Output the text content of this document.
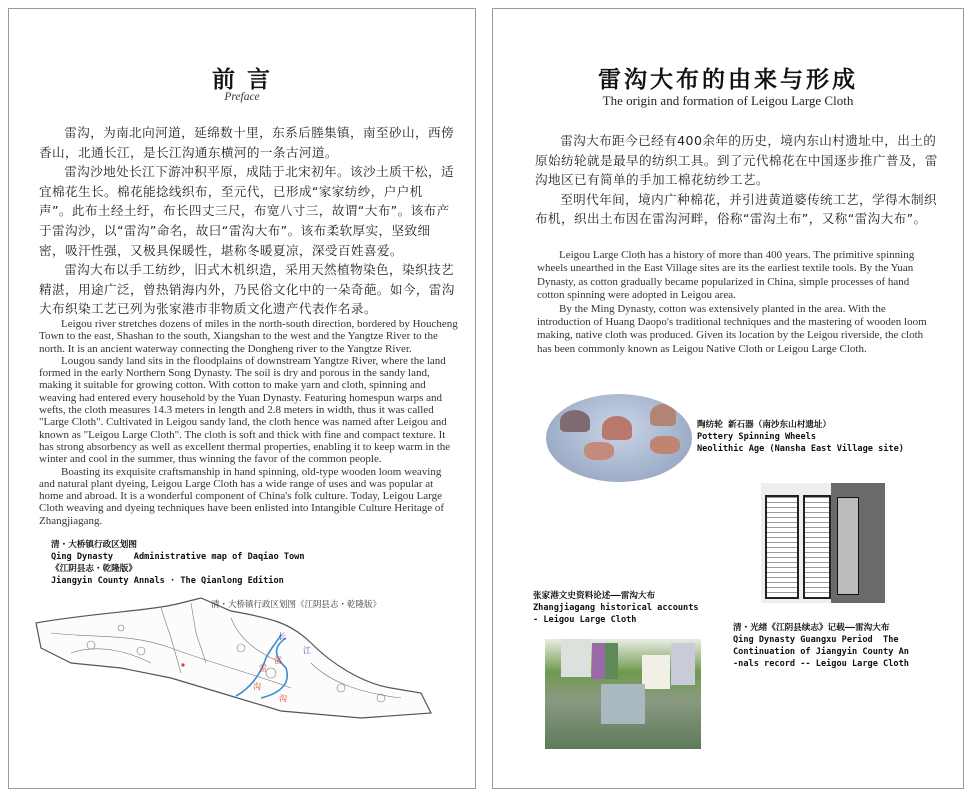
前 言
Preface

雷沟，为南北向河道，延绵数十里，东系后塍集镇，南至砂山，西傍香山，北通长江，是长江沟通东横河的一条古河道。

雷沟沙地处长江下游冲积平原，成陆于北宋初年。该沙土质干松，适宜棉花生长。棉花能捻线织布，至元代，已形成“家家纺纱，户户机声”。此布土经土纡，布长四丈三尺，布宽八寸三，故谓“大布”。该布产于雷沟沙，以“雷沟”命名，故曰“雷沟大布”。该布柔软厚实，坚致细密，吸汗性强，又极具保暖性，堪称冬暖夏凉，深受百姓喜爱。

雷沟大布以手工纺纱，旧式木机织造，采用天然植物染色，染织技艺精湛，用途广泛，曾热销海内外，乃民俗文化中的一朵奇葩。如今，雷沟大布织染工艺已列为张家港市非物质文化遗产代表作名录。

Leigou river stretches dozens of miles in the north-south direction, bordered by Houcheng Town to the east, Shashan to the south, Xiangshan to the west and the Yangtze River to the north. It is an ancient waterway connecting the Dongheng river to the Yangtze River.

Lougou sandy land sits in the floodplains of downstream Yangtze River, where the land formed in the early Northern Song Dynasty. The soil is dry and porous in the sandy land, making it suitable for growing cotton. With cotton to make yarn and cloth, spinning and weaving had entered every household by the Yuan Dynasty. Featuring homespun warps and wefts, the cloth measures 14.3 meters in length and 2.8 meters in width, thus it was called "Large Cloth". Cultivated in Leigou sandy land, the cloth hence was named after Leigou and known as "Leigou Large Cloth". The cloth is soft and thick with fine and compact texture. It has strong absorbency as well as excellent thermal properties, enabling it to keep warm in the winter and cool in the summer, thus winning the favor of the common people.

Boasting its exquisite craftsmanship in hand spinning, old-type wooden loom weaving and natural plant dyeing, Leigou Large Cloth has a wide range of uses and was popular at home and abroad. It is a wonderful component of China's folk culture. Today, Leigou Large Cloth weaving and dyeing techniques have been enlisted into Intangible Culture Heritage of Zhangjiagang.

清・大桥镇行政区划图
Qing Dynasty    Administrative map of Daqiao Town
《江阴县志・乾隆版》
Jiangyin County Annals · The Qianlong Edition
清・大桥镇行政区划图《江阴县志・乾隆版》
长
江
雷
沟
雷
沟
雷沟大布的由来与形成
The origin and formation of Leigou Large Cloth

雷沟大布距今已经有400余年的历史，境内东山村遗址中，出土的原始纺轮就是最早的纺织工具。到了元代棉花在中国逐步推广普及，雷沟地区已有简单的手加工棉花纺纱工艺。

至明代年间，境内广种棉花，并引进黄道婆传统工艺，学得木制织布机，织出土布因在雷沟河畔，俗称“雷沟土布”，又称“雷沟大布”。

Leigou Large Cloth has a history of more than 400 years. The primitive spinning wheels unearthed in the East Village sites are its the earliest textile tools. By the Yuan Dynasty, as cotton gradually became popularized in China, simple processes of hand cotton spinning were adopted in Leigou area.

By the Ming Dynasty, cotton was extensively planted in the area. With the introduction of Huang Daopo's traditional techniques and the mastering of wooden loom making, native cloth was produced. Given its location by the Leigou riverside, the cloth has been commonly known as Leigou Native Cloth or Leigou Large Cloth.

陶纺轮 新石器（南沙东山村遗址）
Pottery Spinning Wheels
Neolithic Age (Nansha East Village site)
张家港文史资料论述——雷沟大布
Zhangjiagang historical accounts
- Leigou Large Cloth
清・光绪《江阴县续志》记载——雷沟大布
Qing Dynasty Guangxu Period  The
Continuation of Jiangyin County An
-nals record -- Leigou Large Cloth
